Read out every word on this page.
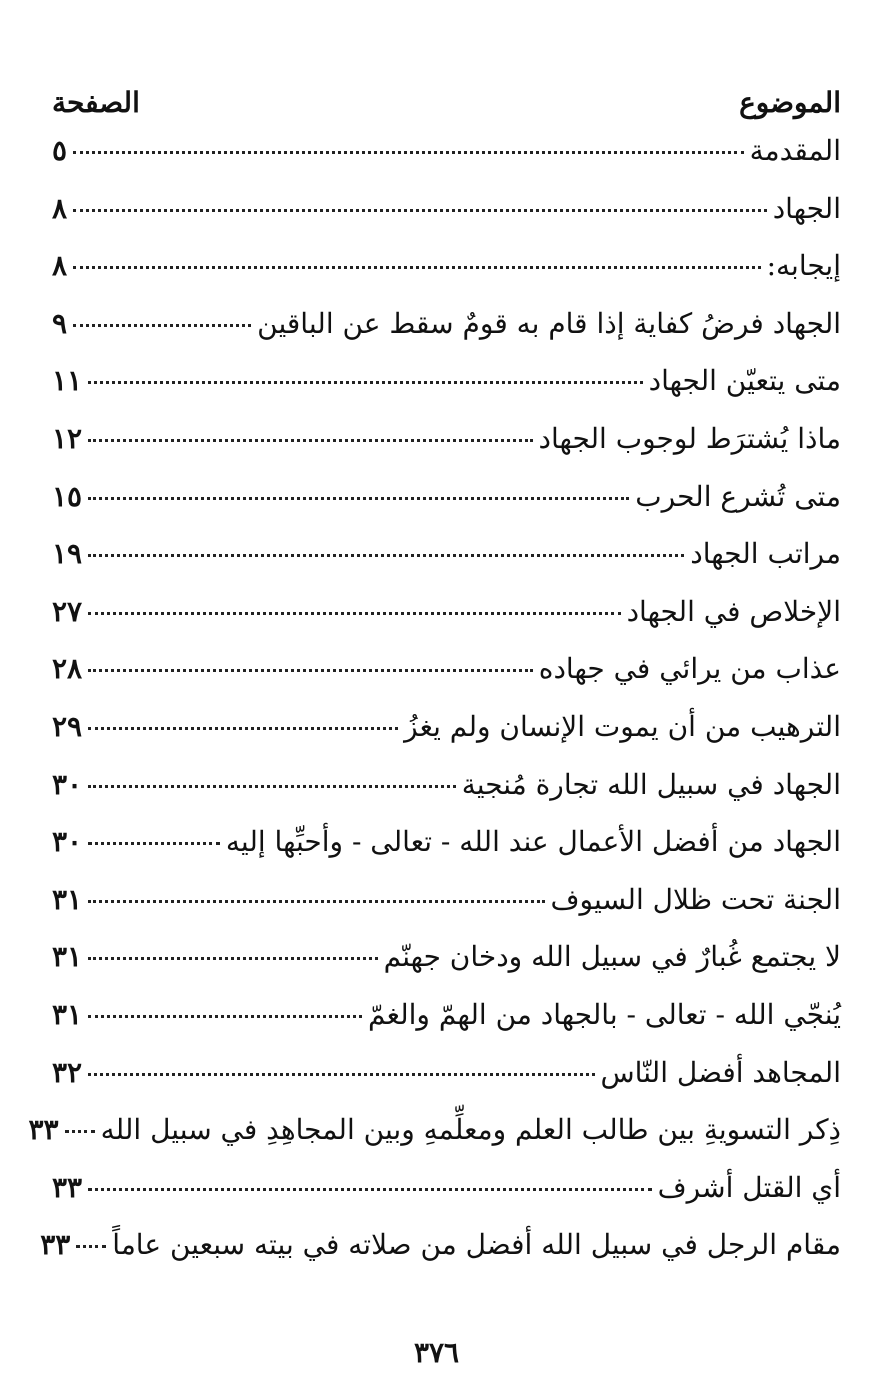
الموضوع
الصفحة
المقدمة
٥
الجهاد
٨
إيجابه:
٨
الجهاد فرضُ كفاية إذا قام به قومٌ سقط عن الباقين
٩
متى يتعيّن الجهاد
١١
ماذا يُشترَط لوجوب الجهاد
١٢
متى تُشرع الحرب
١٥
مراتب الجهاد
١٩
الإخلاص في الجهاد
٢٧
عذاب من يرائي في جهاده
٢٨
الترهيب من أن يموت الإنسان ولم يغزُ
٢٩
الجهاد في سبيل الله تجارة مُنجية
٣٠
الجهاد من أفضل الأعمال عند الله - تعالى - وأحبِّها إليه
٣٠
الجنة تحت ظلال السيوف
٣١
لا يجتمع غُبارٌ في سبيل الله ودخان جهنّم
٣١
يُنجّي الله - تعالى - بالجهاد من الهمّ والغمّ
٣١
المجاهد أفضل النّاس
٣٢
ذِكر التسويةِ بين طالب العلم ومعلِّمهِ وبين المجاهِدِ في سبيل الله
٣٣
أي القتل أشرف
٣٣
مقام الرجل في سبيل الله أفضل من صلاته في بيته سبعين عاماً
٣٣
٣٧٦
